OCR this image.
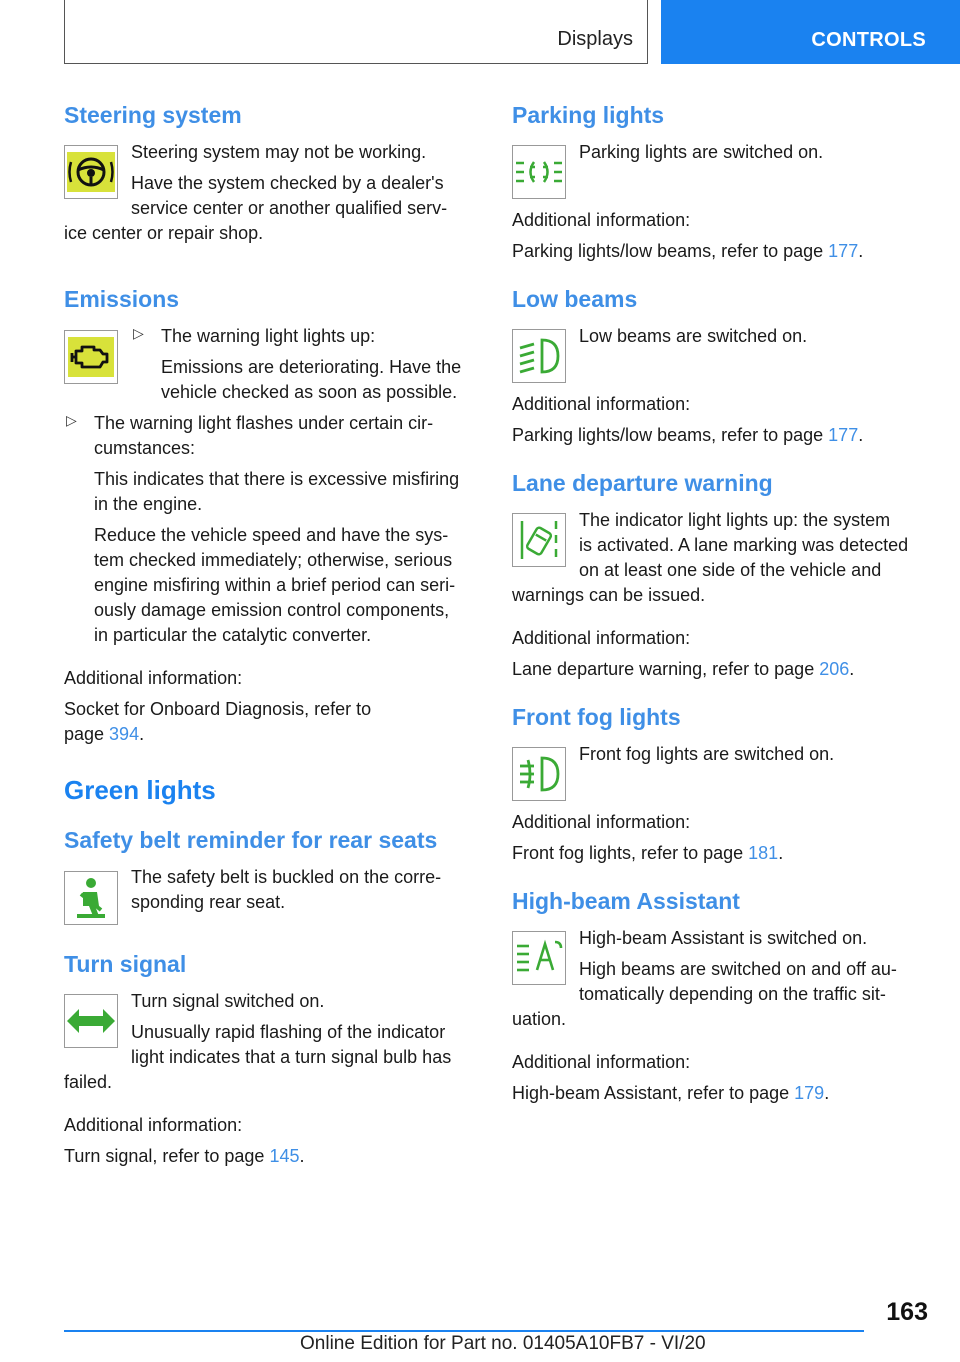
Displays	CONTROLS
Steering system

Steering system may not be working.

Have the system checked by a dealer's

service center or another qualified serv-

ice center or repair shop.

Emissions
▷ The warning light lights up:

Emissions are deteriorating. Have the

vehicle checked as soon as possible.

▷ The warning light flashes under certain cir-

cumstances:

This indicates that there is excessive misfiring

in the engine.

Reduce the vehicle speed and have the sys-

tem checked immediately; otherwise, serious

engine misfiring within a brief period can seri-

ously damage emission control components,

in particular the catalytic converter.

Additional information:

Socket for Onboard Diagnosis, refer to

page 394.

Green lights
Safety belt reminder for rear seats

The safety belt is buckled on the corre-

sponding rear seat.

Turn signal

Turn signal switched on.

Unusually rapid flashing of the indicator

light indicates that a turn signal bulb has

failed.

Additional information:

Turn signal, refer to page 145.

Parking lights

Parking lights are switched on.

Additional information:

Parking lights/low beams, refer to page 177.

Low beams

Low beams are switched on.

Additional information:

Parking lights/low beams, refer to page 177.

Lane departure warning

The indicator light lights up: the system

is activated. A lane marking was detected

on at least one side of the vehicle and

warnings can be issued.

Additional information:

Lane departure warning, refer to page 206.

Front fog lights

Front fog lights are switched on.

Additional information:

Front fog lights, refer to page 181.

High-beam Assistant

High-beam Assistant is switched on.

High beams are switched on and off au-

tomatically depending on the traffic sit-

uation.

Additional information:

High-beam Assistant, refer to page 179.

163
Online Edition for Part no. 01405A10FB7 - VI/20
